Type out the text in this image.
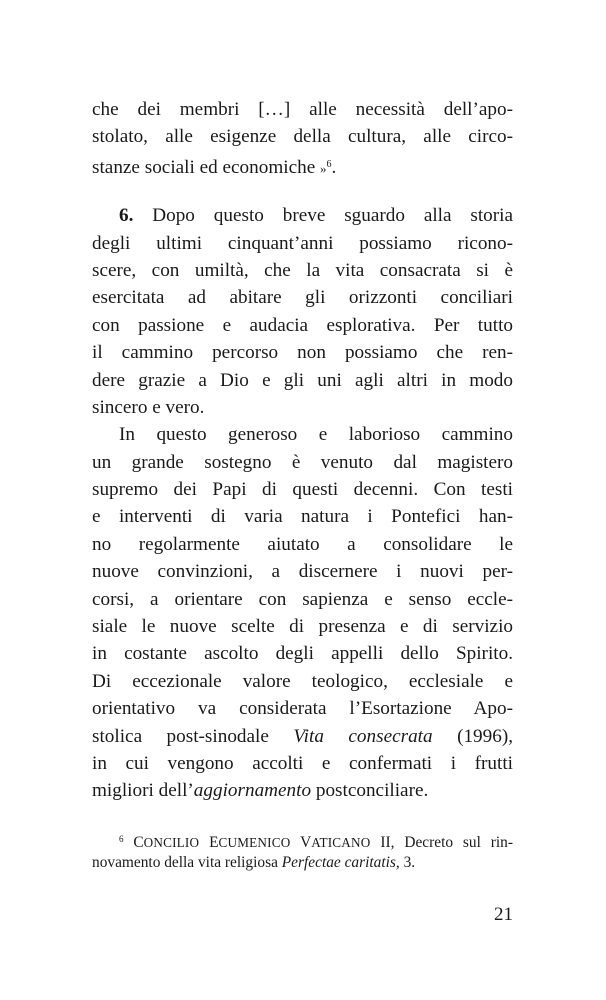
che dei membri […] alle necessità dell’apo-
stolato, alle esigenze della cultura, alle circo-
stanze sociali ed economiche »$^6$.
6. Dopo questo breve sguardo alla storia
degli ultimi cinquant’anni possiamo ricono-
scere, con umiltà, che la vita consacrata si è
esercitata ad abitare gli orizzonti conciliari
con passione e audacia esplorativa. Per tutto
il cammino percorso non possiamo che ren-
dere grazie a Dio e gli uni agli altri in modo
sincero e vero.
In questo generoso e laborioso cammino
un grande sostegno è venuto dal magistero
supremo dei Papi di questi decenni. Con testi
e interventi di varia natura i Pontefici han-
no regolarmente aiutato a consolidare le
nuove convinzioni, a discernere i nuovi per-
corsi, a orientare con sapienza e senso eccle-
siale le nuove scelte di presenza e di servizio
in costante ascolto degli appelli dello Spirito.
Di eccezionale valore teologico, ecclesiale e
orientativo va considerata l’Esortazione Apo-
stolica post-sinodale Vita consecrata (1996),
in cui vengono accolti e confermati i frutti
migliori dell’aggiornamento postconciliare.
$^6$ CONCILIO ECUMENICO VATICANO II, Decreto sul rin-
novamento della vita religiosa Perfectae caritatis, 3.
21
